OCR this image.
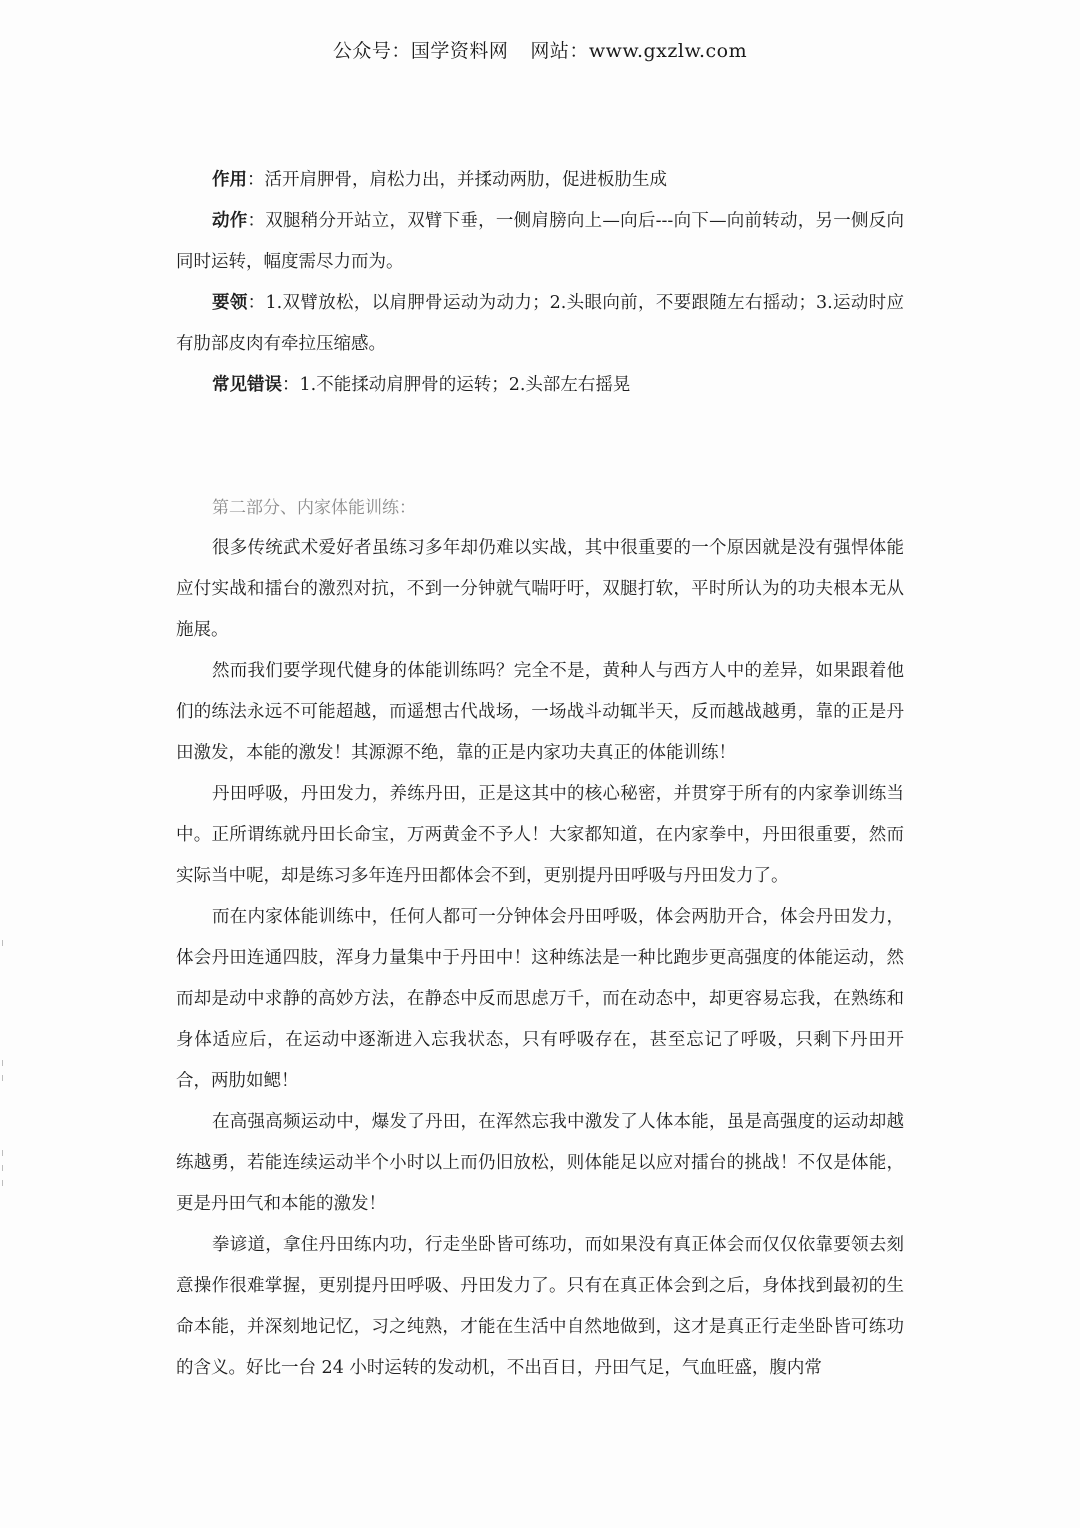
公众号：国学资料网 网站：www.gxzlw.com

作用：活开肩胛骨，肩松力出，并揉动两肋，促进板肋生成

动作：双腿稍分开站立，双臂下垂，一侧肩膀向上—向后---向下—向前转动，另一侧反向同时运转，幅度需尽力而为。

要领：1.双臂放松，以肩胛骨运动为动力；2.头眼向前，不要跟随左右摇动；3.运动时应有肋部皮肉有牵拉压缩感。

常见错误：1.不能揉动肩胛骨的运转；2.头部左右摇晃

第二部分、内家体能训练：

很多传统武术爱好者虽练习多年却仍难以实战，其中很重要的一个原因就是没有强悍体能应付实战和擂台的激烈对抗，不到一分钟就气喘吁吁，双腿打软，平时所认为的功夫根本无从施展。

然而我们要学现代健身的体能训练吗？完全不是，黄种人与西方人中的差异，如果跟着他们的练法永远不可能超越，而遥想古代战场，一场战斗动辄半天，反而越战越勇，靠的正是丹田激发，本能的激发！其源源不绝，靠的正是内家功夫真正的体能训练！

丹田呼吸，丹田发力，养练丹田，正是这其中的核心秘密，并贯穿于所有的内家拳训练当中。正所谓练就丹田长命宝，万两黄金不予人！大家都知道，在内家拳中，丹田很重要，然而实际当中呢，却是练习多年连丹田都体会不到，更别提丹田呼吸与丹田发力了。

而在内家体能训练中，任何人都可一分钟体会丹田呼吸，体会两肋开合，体会丹田发力，体会丹田连通四肢，浑身力量集中于丹田中！这种练法是一种比跑步更高强度的体能运动，然而却是动中求静的高妙方法，在静态中反而思虑万千，而在动态中，却更容易忘我，在熟练和身体适应后，在运动中逐渐进入忘我状态，只有呼吸存在，甚至忘记了呼吸，只剩下丹田开合，两肋如鳃！

在高强高频运动中，爆发了丹田，在浑然忘我中激发了人体本能，虽是高强度的运动却越练越勇，若能连续运动半个小时以上而仍旧放松，则体能足以应对擂台的挑战！不仅是体能，更是丹田气和本能的激发！

拳谚道，拿住丹田练内功，行走坐卧皆可练功，而如果没有真正体会而仅仅依靠要领去刻意操作很难掌握，更别提丹田呼吸、丹田发力了。只有在真正体会到之后，身体找到最初的生命本能，并深刻地记忆，习之纯熟，才能在生活中自然地做到，这才是真正行走坐卧皆可练功的含义。好比一台 24 小时运转的发动机，不出百日，丹田气足，气血旺盛，腹内常
